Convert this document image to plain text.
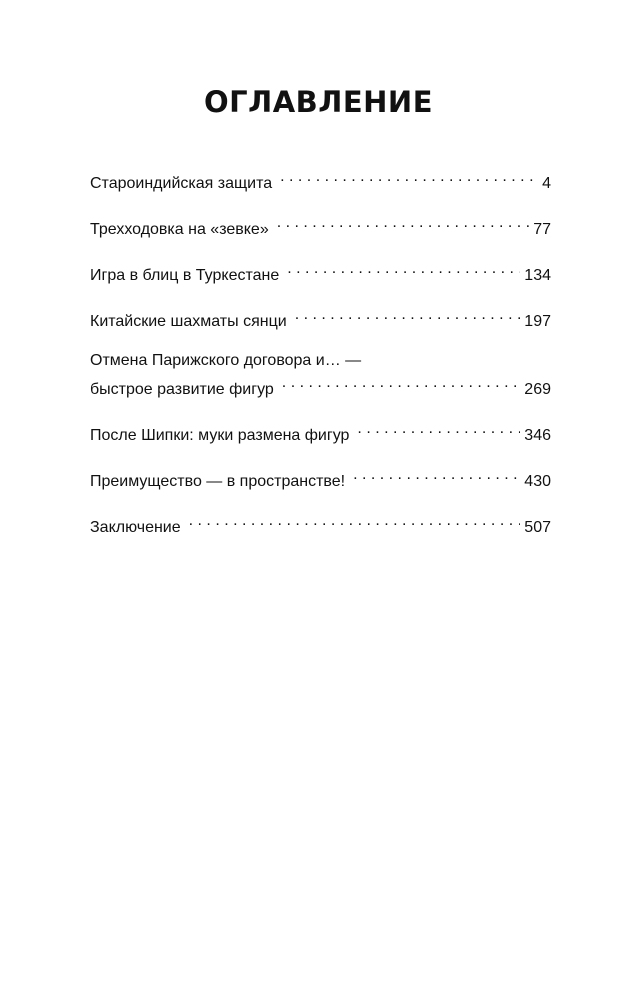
ОГЛАВЛЕНИЕ
Староиндийская защита . . .	4
Трехходовка на «зевке» . . .	77
Игра в блиц в Туркестане . . .	134
Китайские шахматы сянци . . .	197
Отмена Парижского договора и… —
быстрое развитие фигур . . .	269
После Шипки: муки размена фигур . . .	346
Преимущество — в пространстве! . . .	430
Заключение . . .	507
